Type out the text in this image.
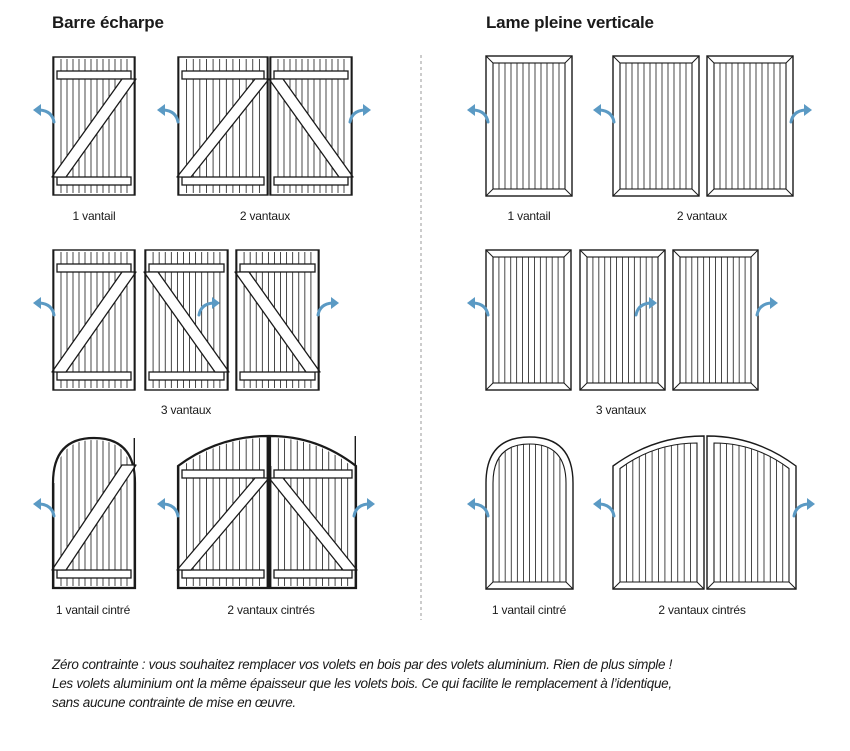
Barre écharpe	Lame pleine verticale
1 vantail	2 vantaux
3 vantaux
1 vantail cintré	2 vantaux cintrés
1 vantail	2 vantaux
3 vantaux
1 vantail cintré	2 vantaux cintrés
Zéro contrainte : vous souhaitez remplacer vos volets en bois par des volets aluminium. Rien de plus simple !
Les volets aluminium ont la même épaisseur que les volets bois. Ce qui facilite le remplacement à l’identique,
sans aucune contrainte de mise en œuvre.
